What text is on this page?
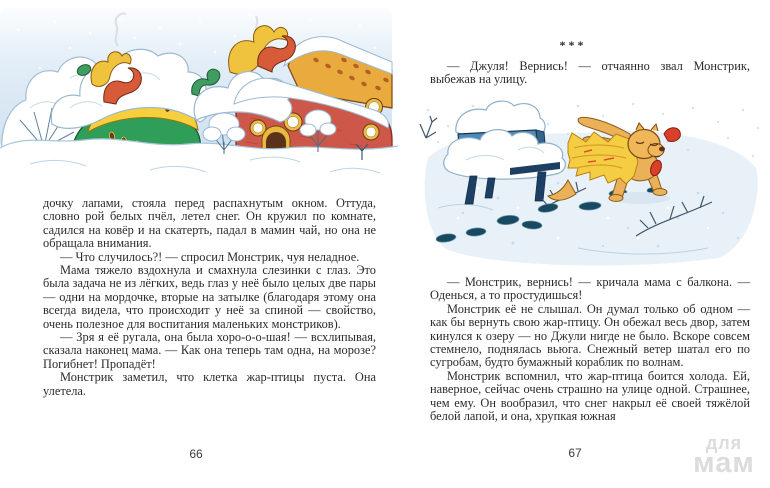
дочку лапами, стояла перед распахнутым окном. Оттуда, словно рой белых пчёл, летел снег. Он кружил по комнате, садился на ковёр и на скатерть, падал в мамин чай, но она не обращала внимания.

— Что случилось?! — спросил Монстрик, чуя неладное.

Мама тяжело вздохнула и смахнула слезинки с глаз. Это была задача не из лёгких, ведь глаз у неё было целых две пары — одни на мордочке, вторые на затылке (благодаря этому она всегда видела, что происходит у неё за спиной — свойство, очень полезное для воспитания маленьких монстриков).

— Зря я её ругала, она была хоро-о-о-шая! — всхлипывая, сказала наконец мама. — Как она теперь там одна, на морозе? Погибнет! Пропадёт!

Монстрик заметил, что клетка жар-птицы пуста. Она улетела.

66
***

— Джуля! Вернись! — отчаянно звал Монстрик, выбежав на улицу.

— Монстрик, вернись! — кричала мама с балкона. — Оденься, а то простудишься!

Монстрик её не слышал. Он думал только об одном — как бы вернуть свою жар-птицу. Он обежал весь двор, затем кинулся к озеру — но Джули нигде не было. Вскоре совсем стемнело, поднялась вьюга. Снежный ветер шатал его по сугробам, будто бумажный кораблик по волнам.

Монстрик вспомнил, что жар-птица боится холода. Ей, наверное, сейчас очень страшно на улице одной. Страшнее, чем ему. Он вообразил, что снег накрыл её своей тяжёлой белой лапой, и она, хрупкая южная

67	для
мам
